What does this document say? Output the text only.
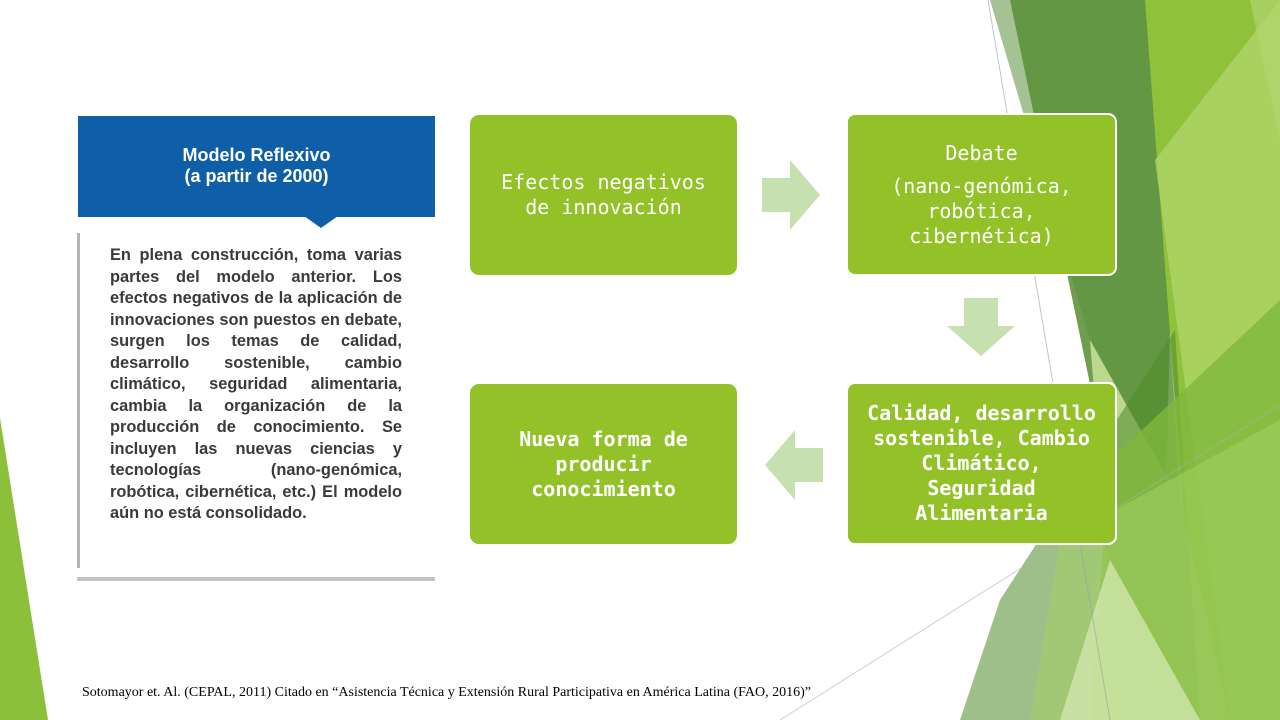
Modelo Reflexivo
(a partir de 2000)

En plena construcción, toma varias partes del modelo anterior. Los efectos negativos de la aplicación de innovaciones son puestos en debate, surgen los temas de calidad, desarrollo sostenible, cambio climático, seguridad alimentaria, cambia la organización de la producción de conocimiento. Se incluyen las nuevas ciencias y tecnologías (nano-genómica, robótica, cibernética, etc.) El modelo aún no está consolidado.

Efectos negativos de innovación
Debate
(nano-genómica, robótica, cibernética)
Calidad, desarrollo sostenible, Cambio Climático, Seguridad Alimentaria
Nueva forma de producir conocimiento
Sotomayor et. Al. (CEPAL, 2011) Citado en “Asistencia Técnica y Extensión Rural Participativa en América Latina (FAO, 2016)”
